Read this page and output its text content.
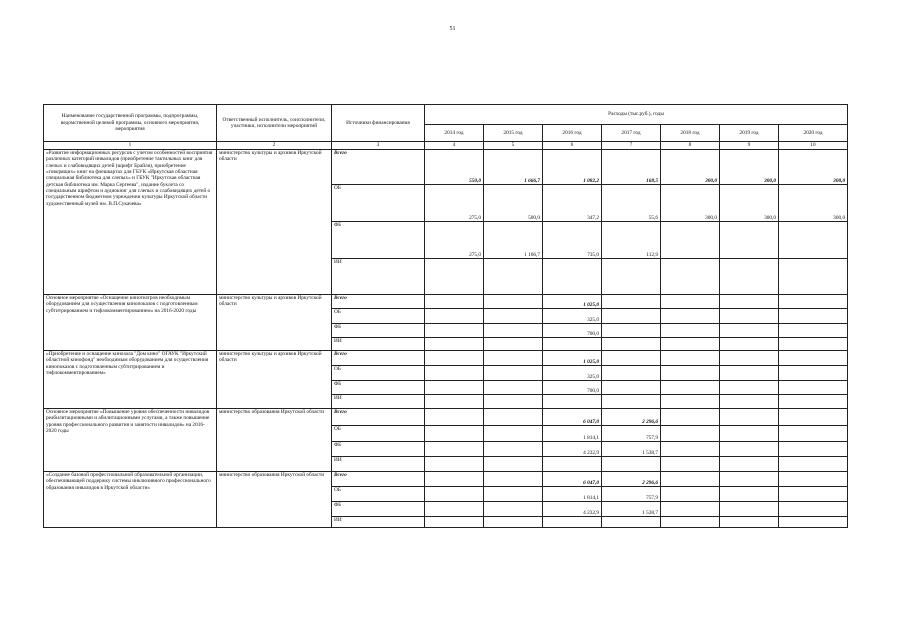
51
Наименование государственной программы, подпрограммы, ведомственной целевой программы, основного мероприятия, мероприятия	Ответственный исполнитель, соисполнители, участники, исполнители мероприятий	Источники финансирования	Расходы (тыс.руб.), годы						
			2014 год	2015 год	2016 год	2017 год	2018 год	2019 год	2020 год
1	2	3	4	5	6	7	8	9	10
«Развитие информационных ресурсов с учетом особенностей восприятия различных категорий инвалидов (приобретение тактильных книг для слепых и слабовидящих детей (шрифт Брайля), приобретение «говорящих» книг на флешкартах для ГБУК «Иркутская областная специальная библиотека для слепых» и ГБУК "Иркутская областная детская библиотека им. Марка Сергеева", издание буклета со специальным шрифтом и аудиокниг для слепых и слабовидящих детей о государственном бюджетном учреждении культуры Иркутской области художественный музей им. В.П.Сукачева»	министерство культуры и архивов Иркутской области	Всего	550,0	1 666,7	1 082,2	168,5	300,0	300,0	300,0
		ОБ	275,0	500,0	347,2	55,6	300,0	300,0	300,0
		ФБ	275,0	1 166,7	735,0	112,9			
		ИИ							
Основное мероприятие «Оснащение кинотеатров необходимым оборудованием для осуществления кинопоказов с подготовленным субтитрированием и тифлокомментированием» на 2016-2020 годы	министерство культуры и архивов Иркутской области	Всего			1 025,0				
		ОБ			325,0				
		ФБ			700,0				
		ИИ							
«Приобретение и оснащение кинозала "Дом кино" ОГАУК "Иркутский областной кинофонд" необходимым оборудованием для осуществления кинопоказов с подготовленным субтитрированием и тифлокомментированием»	министерство культуры и архивов Иркутской области	Всего			1 025,0				
		ОБ			325,0				
		ФБ			700,0				
		ИИ							
Основное мероприятие «Повышение уровня обеспеченности инвалидов реабилитационными и абилитационными услугами, а также повышение уровня профессионального развития и занятости инвалидов» на 2016-2020 годы	министерство образования Иркутской области	Всего			6 047,0	2 296,6			
		ОБ			1 814,1	757,9			
		ФБ			4 232,9	1 538,7			
		ИИ							
«Создание базовой профессиональной образовательной организации, обеспечивающей поддержку системы инклюзивного профессионального образования инвалидов в Иркутской области»	министерство образования Иркутской области	Всего			6 047,0	2 296,6			
		ОБ			1 814,1	757,9			
		ФБ			4 232,9	1 538,7			
		ИИ							
